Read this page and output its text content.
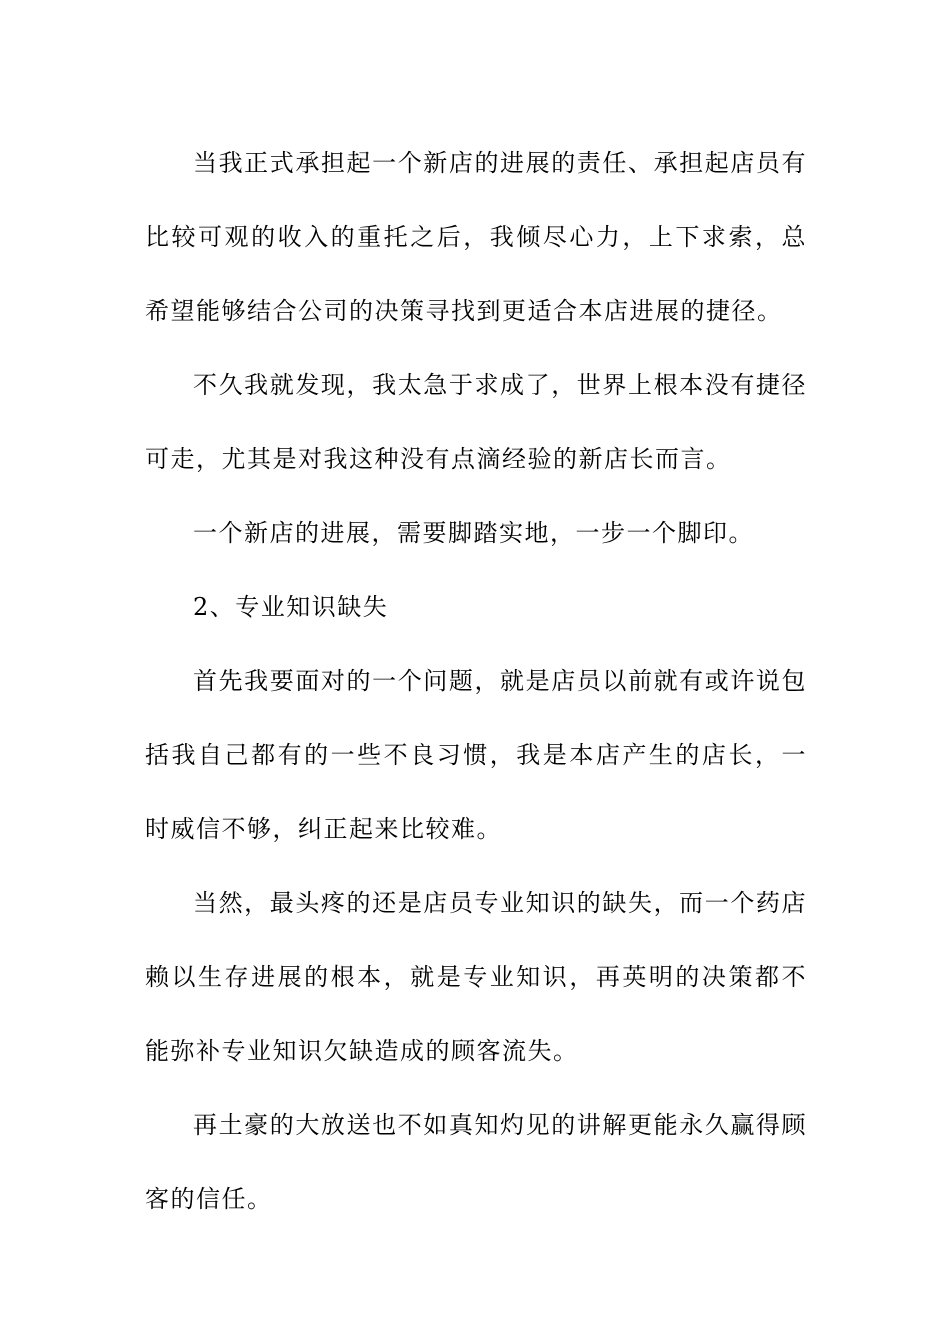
当我正式承担起一个新店的进展的责任、承担起店员有比较可观的收入的重托之后，我倾尽心力，上下求索，总希望能够结合公司的决策寻找到更适合本店进展的捷径。

不久我就发现，我太急于求成了，世界上根本没有捷径可走，尤其是对我这种没有点滴经验的新店长而言。

一个新店的进展，需要脚踏实地，一步一个脚印。

2、专业知识缺失

首先我要面对的一个问题，就是店员以前就有或许说包括我自己都有的一些不良习惯，我是本店产生的店长，一时威信不够，纠正起来比较难。

当然，最头疼的还是店员专业知识的缺失，而一个药店赖以生存进展的根本，就是专业知识，再英明的决策都不能弥补专业知识欠缺造成的顾客流失。

再土豪的大放送也不如真知灼见的讲解更能永久赢得顾客的信任。
